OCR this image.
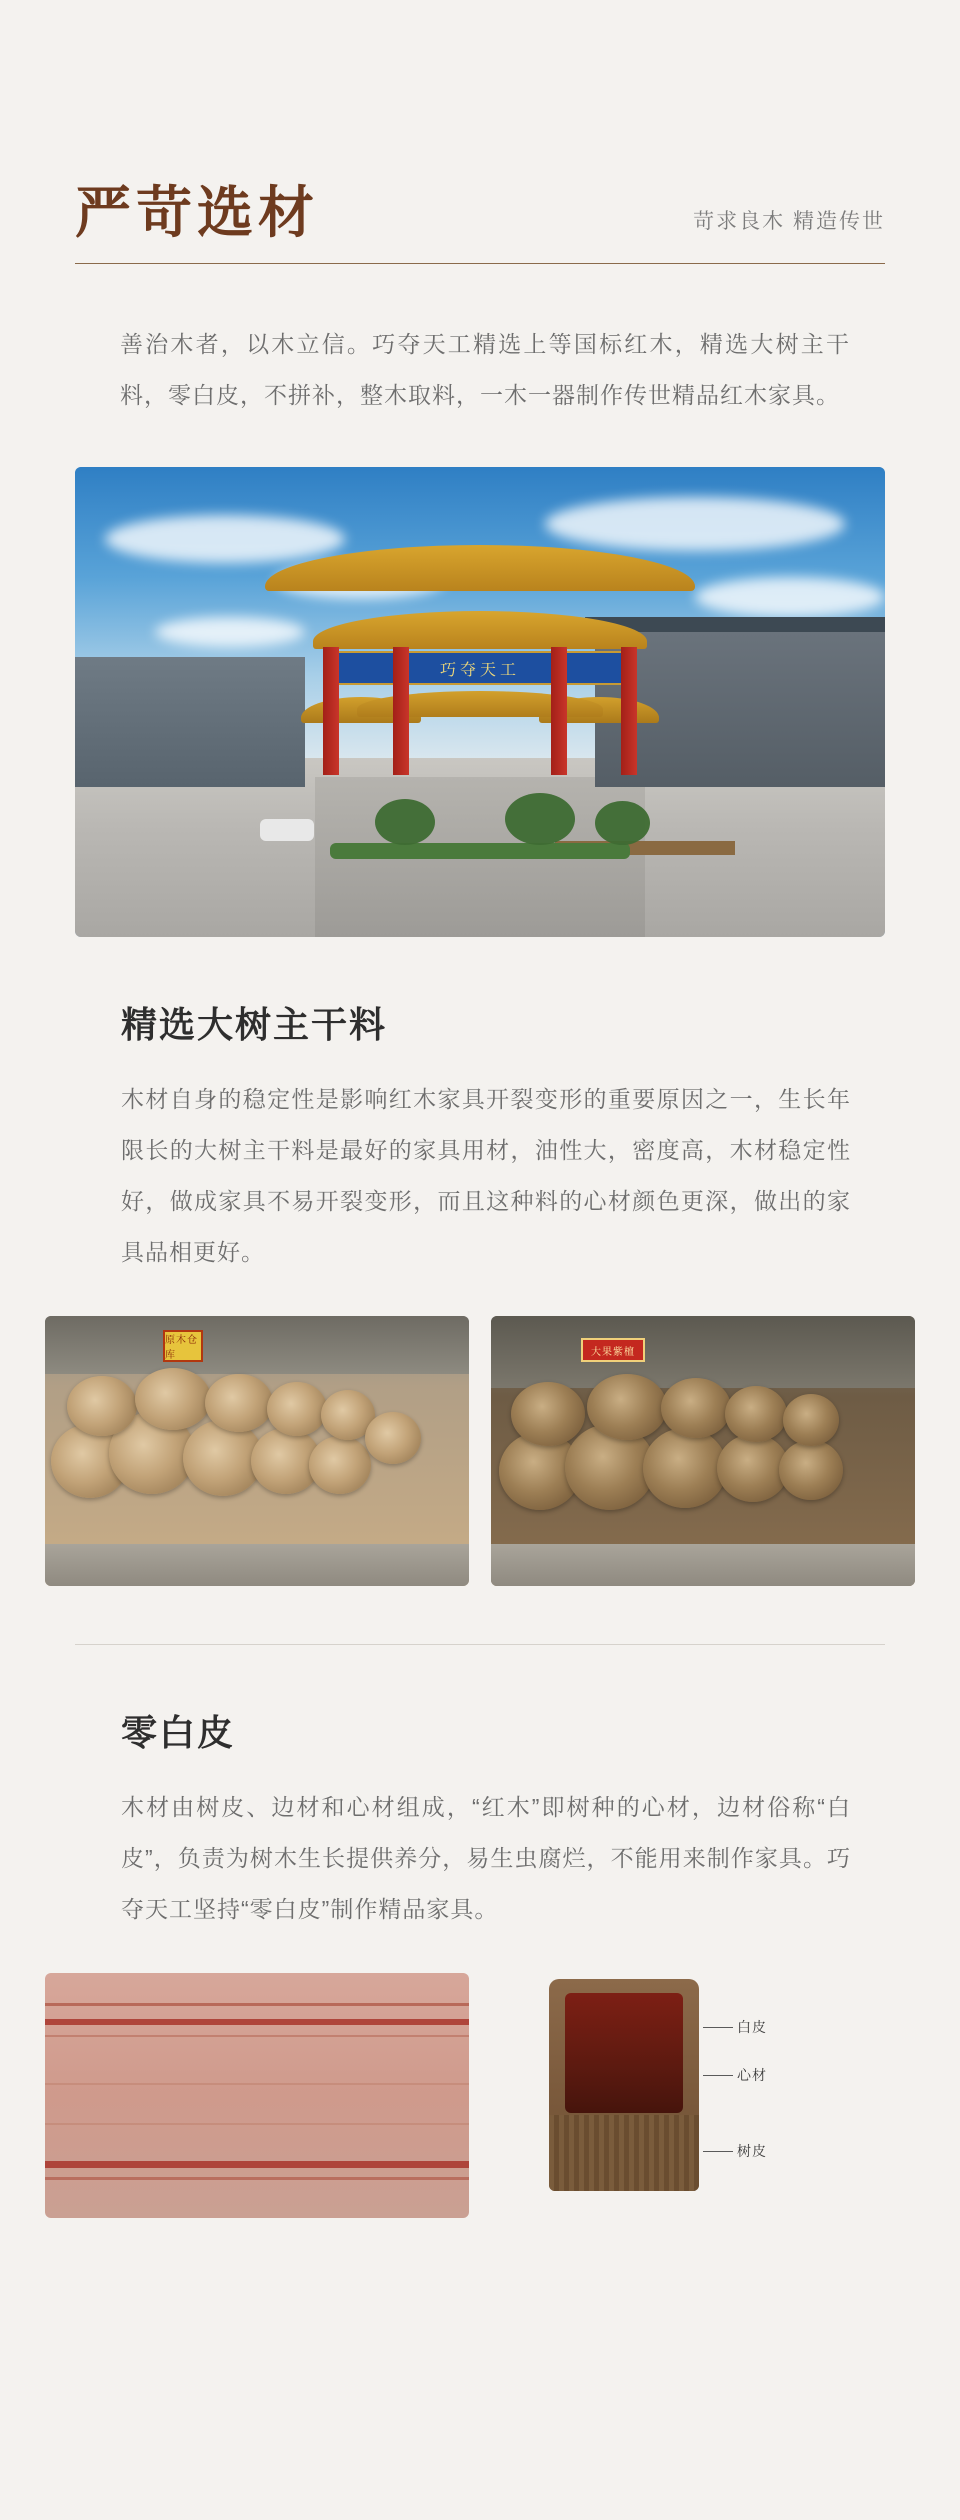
严苛选材	苛求良木 精造传世

善治木者，以木立信。巧夺天工精选上等国标红木，精选大树主干料，零白皮，不拼补，整木取料，一木一器制作传世精品红木家具。

巧夺天工
精选大树主干料

木材自身的稳定性是影响红木家具开裂变形的重要原因之一，生长年限长的大树主干料是最好的家具用材，油性大，密度高，木材稳定性好，做成家具不易开裂变形，而且这种料的心材颜色更深，做出的家具品相更好。

原木仓库	大果紫檀
零白皮

木材由树皮、边材和心材组成，“红木”即树种的心材，边材俗称“白皮”，负责为树木生长提供养分，易生虫腐烂，不能用来制作家具。巧夺天工坚持“零白皮”制作精品家具。

白皮
心材
树皮
